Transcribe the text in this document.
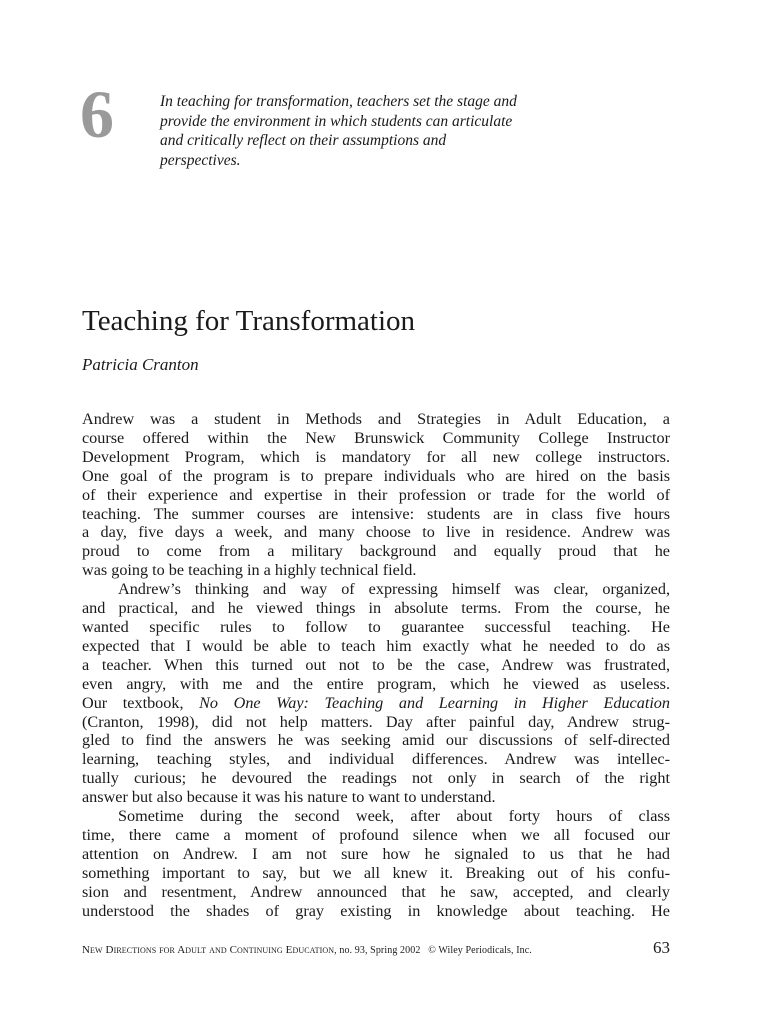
6	In teaching for transformation, teachers set the stage and
provide the environment in which students can articulate
and critically reflect on their assumptions and
perspectives.
Teaching for Transformation
Patricia Cranton
Andrew was a student in Methods and Strategies in Adult Education, a
course offered within the New Brunswick Community College Instructor
Development Program, which is mandatory for all new college instructors.
One goal of the program is to prepare individuals who are hired on the basis
of their experience and expertise in their profession or trade for the world of
teaching. The summer courses are intensive: students are in class five hours
a day, five days a week, and many choose to live in residence. Andrew was
proud to come from a military background and equally proud that he
was going to be teaching in a highly technical field.
Andrew’s thinking and way of expressing himself was clear, organized,
and practical, and he viewed things in absolute terms. From the course, he
wanted specific rules to follow to guarantee successful teaching. He
expected that I would be able to teach him exactly what he needed to do as
a teacher. When this turned out not to be the case, Andrew was frustrated,
even angry, with me and the entire program, which he viewed as useless.
Our textbook, No One Way: Teaching and Learning in Higher Education
(Cranton, 1998), did not help matters. Day after painful day, Andrew strug-
gled to find the answers he was seeking amid our discussions of self-directed
learning, teaching styles, and individual differences. Andrew was intellec-
tually curious; he devoured the readings not only in search of the right
answer but also because it was his nature to want to understand.
Sometime during the second week, after about forty hours of class
time, there came a moment of profound silence when we all focused our
attention on Andrew. I am not sure how he signaled to us that he had
something important to say, but we all knew it. Breaking out of his confu-
sion and resentment, Andrew announced that he saw, accepted, and clearly
understood the shades of gray existing in knowledge about teaching. He
New Directions for Adult and Continuing Education, no. 93, Spring 2002 © Wiley Periodicals, Inc.	63
